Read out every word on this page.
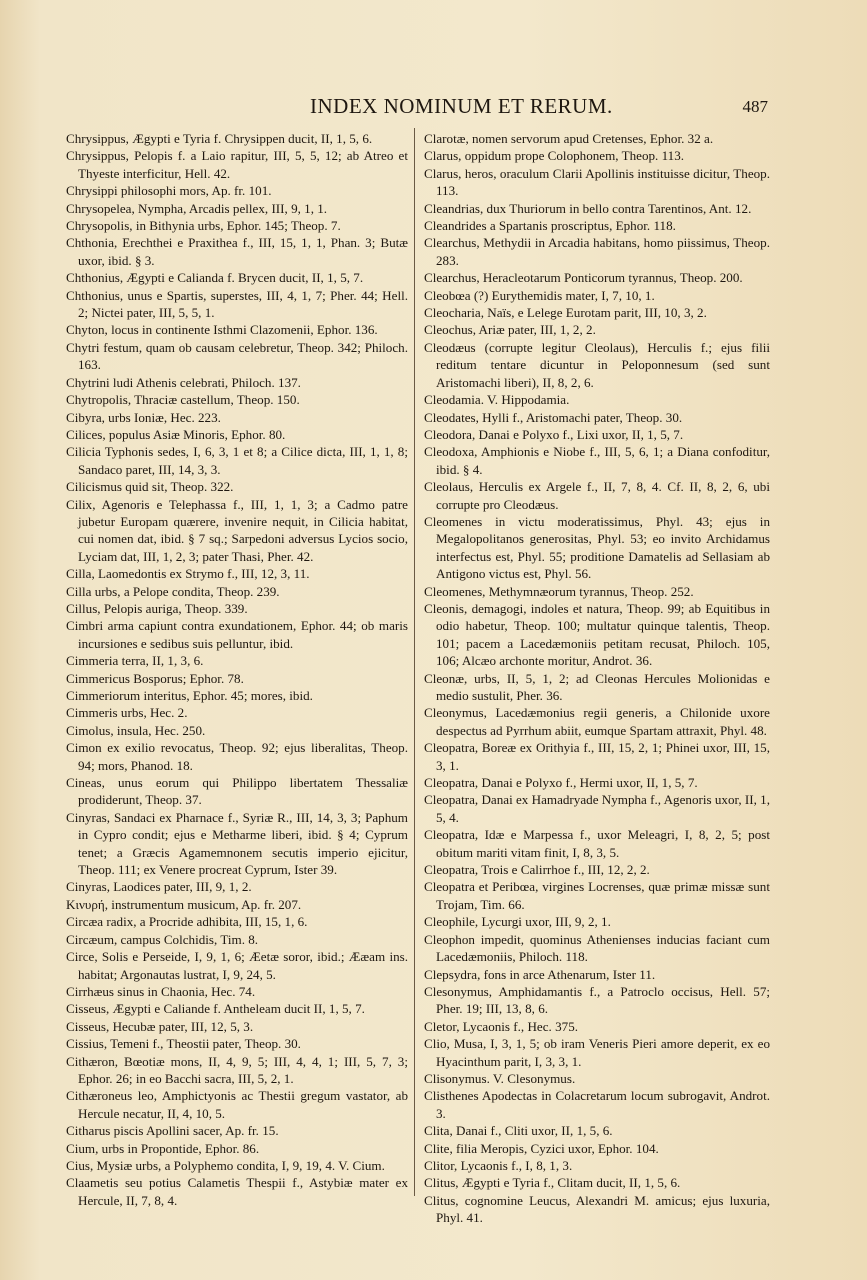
INDEX NOMINUM ET RERUM.	487

Chrysippus, Ægypti e Tyria f. Chrysippen ducit, II, 1, 5, 6.

Chrysippus, Pelopis f. a Laio rapitur, III, 5, 5, 12; ab Atreo et Thyeste interficitur, Hell. 42.

Chrysippi philosophi mors, Ap. fr. 101.

Chrysopelea, Nympha, Arcadis pellex, III, 9, 1, 1.

Chrysopolis, in Bithynia urbs, Ephor. 145; Theop. 7.

Chthonia, Erechthei e Praxithea f., III, 15, 1, 1, Phan. 3; Butæ uxor, ibid. § 3.

Chthonius, Ægypti e Calianda f. Brycen ducit, II, 1, 5, 7.

Chthonius, unus e Spartis, superstes, III, 4, 1, 7; Pher. 44; Hell. 2; Nictei pater, III, 5, 5, 1.

Chyton, locus in continente Isthmi Clazomenii, Ephor. 136.

Chytri festum, quam ob causam celebretur, Theop. 342; Philoch. 163.

Chytrini ludi Athenis celebrati, Philoch. 137.

Chytropolis, Thraciæ castellum, Theop. 150.

Cibyra, urbs Ioniæ, Hec. 223.

Cilices, populus Asiæ Minoris, Ephor. 80.

Cilicia Typhonis sedes, I, 6, 3, 1 et 8; a Cilice dicta, III, 1, 1, 8; Sandaco paret, III, 14, 3, 3.

Cilicismus quid sit, Theop. 322.

Cilix, Agenoris e Telephassa f., III, 1, 1, 3; a Cadmo patre jubetur Europam quærere, invenire nequit, in Cilicia habitat, cui nomen dat, ibid. § 7 sq.; Sarpedoni adversus Lycios socio, Lyciam dat, III, 1, 2, 3; pater Thasi, Pher. 42.

Cilla, Laomedontis ex Strymo f., III, 12, 3, 11.

Cilla urbs, a Pelope condita, Theop. 239.

Cillus, Pelopis auriga, Theop. 339.

Cimbri arma capiunt contra exundationem, Ephor. 44; ob maris incursiones e sedibus suis pelluntur, ibid.

Cimmeria terra, II, 1, 3, 6.

Cimmericus Bosporus; Ephor. 78.

Cimmeriorum interitus, Ephor. 45; mores, ibid.

Cimmeris urbs, Hec. 2.

Cimolus, insula, Hec. 250.

Cimon ex exilio revocatus, Theop. 92; ejus liberalitas, Theop. 94; mors, Phanod. 18.

Cineas, unus eorum qui Philippo libertatem Thessaliæ prodiderunt, Theop. 37.

Cinyras, Sandaci ex Pharnace f., Syriæ R., III, 14, 3, 3; Paphum in Cypro condit; ejus e Metharme liberi, ibid. § 4; Cyprum tenet; a Græcis Agamemnonem secutis imperio ejicitur, Theop. 111; ex Venere procreat Cyprum, Ister 39.

Cinyras, Laodices pater, III, 9, 1, 2.

Κινυρή, instrumentum musicum, Ap. fr. 207.

Circæa radix, a Procride adhibita, III, 15, 1, 6.

Circæum, campus Colchidis, Tim. 8.

Circe, Solis e Perseide, I, 9, 1, 6; Æetæ soror, ibid.; Ææam ins. habitat; Argonautas lustrat, I, 9, 24, 5.

Cirrhæus sinus in Chaonia, Hec. 74.

Cisseus, Ægypti e Caliande f. Antheleam ducit II, 1, 5, 7.

Cisseus, Hecubæ pater, III, 12, 5, 3.

Cissius, Temeni f., Theostii pater, Theop. 30.

Cithæron, Bœotiæ mons, II, 4, 9, 5; III, 4, 4, 1; III, 5, 7, 3; Ephor. 26; in eo Bacchi sacra, III, 5, 2, 1.

Cithæroneus leo, Amphictyonis ac Thestii gregum vastator, ab Hercule necatur, II, 4, 10, 5.

Citharus piscis Apollini sacer, Ap. fr. 15.

Cium, urbs in Propontide, Ephor. 86.

Cius, Mysiæ urbs, a Polyphemo condita, I, 9, 19, 4. V. Cium.

Claametis seu potius Calametis Thespii f., Astybiæ mater ex Hercule, II, 7, 8, 4.

Clarotæ, nomen servorum apud Cretenses, Ephor. 32 a.

Clarus, oppidum prope Colophonem, Theop. 113.

Clarus, heros, oraculum Clarii Apollinis instituisse dicitur, Theop. 113.

Cleandrias, dux Thuriorum in bello contra Tarentinos, Ant. 12.

Cleandrides a Spartanis proscriptus, Ephor. 118.

Clearchus, Methydii in Arcadia habitans, homo piissimus, Theop. 283.

Clearchus, Heracleotarum Ponticorum tyrannus, Theop. 200.

Cleobœa (?) Eurythemidis mater, I, 7, 10, 1.

Cleocharia, Naïs, e Lelege Eurotam parit, III, 10, 3, 2.

Cleochus, Ariæ pater, III, 1, 2, 2.

Cleodæus (corrupte legitur Cleolaus), Herculis f.; ejus filii reditum tentare dicuntur in Peloponnesum (sed sunt Aristomachi liberi), II, 8, 2, 6.

Cleodamia. V. Hippodamia.

Cleodates, Hylli f., Aristomachi pater, Theop. 30.

Cleodora, Danai e Polyxo f., Lixi uxor, II, 1, 5, 7.

Cleodoxa, Amphionis e Niobe f., III, 5, 6, 1; a Diana confoditur, ibid. § 4.

Cleolaus, Herculis ex Argele f., II, 7, 8, 4. Cf. II, 8, 2, 6, ubi corrupte pro Cleodæus.

Cleomenes in victu moderatissimus, Phyl. 43; ejus in Megalopolitanos generositas, Phyl. 53; eo invito Archidamus interfectus est, Phyl. 55; proditione Damatelis ad Sellasiam ab Antigono victus est, Phyl. 56.

Cleomenes, Methymnæorum tyrannus, Theop. 252.

Cleonis, demagogi, indoles et natura, Theop. 99; ab Equitibus in odio habetur, Theop. 100; multatur quinque talentis, Theop. 101; pacem a Lacedæmoniis petitam recusat, Philoch. 105, 106; Alcæo archonte moritur, Androt. 36.

Cleonæ, urbs, II, 5, 1, 2; ad Cleonas Hercules Molionidas e medio sustulit, Pher. 36.

Cleonymus, Lacedæmonius regii generis, a Chilonide uxore despectus ad Pyrrhum abiit, eumque Spartam attraxit, Phyl. 48.

Cleopatra, Boreæ ex Orithyia f., III, 15, 2, 1; Phinei uxor, III, 15, 3, 1.

Cleopatra, Danai e Polyxo f., Hermi uxor, II, 1, 5, 7.

Cleopatra, Danai ex Hamadryade Nympha f., Agenoris uxor, II, 1, 5, 4.

Cleopatra, Idæ e Marpessa f., uxor Meleagri, I, 8, 2, 5; post obitum mariti vitam finit, I, 8, 3, 5.

Cleopatra, Trois e Calirrhoe f., III, 12, 2, 2.

Cleopatra et Peribœa, virgines Locrenses, quæ primæ missæ sunt Trojam, Tim. 66.

Cleophile, Lycurgi uxor, III, 9, 2, 1.

Cleophon impedit, quominus Athenienses inducias faciant cum Lacedæmoniis, Philoch. 118.

Clepsydra, fons in arce Athenarum, Ister 11.

Clesonymus, Amphidamantis f., a Patroclo occisus, Hell. 57; Pher. 19; III, 13, 8, 6.

Cletor, Lycaonis f., Hec. 375.

Clio, Musa, I, 3, 1, 5; ob iram Veneris Pieri amore deperit, ex eo Hyacinthum parit, I, 3, 3, 1.

Clisonymus. V. Clesonymus.

Clisthenes Apodectas in Colacretarum locum subrogavit, Androt. 3.

Clita, Danai f., Cliti uxor, II, 1, 5, 6.

Clite, filia Meropis, Cyzici uxor, Ephor. 104.

Clitor, Lycaonis f., I, 8, 1, 3.

Clitus, Ægypti e Tyria f., Clitam ducit, II, 1, 5, 6.

Clitus, cognomine Leucus, Alexandri M. amicus; ejus luxuria, Phyl. 41.
